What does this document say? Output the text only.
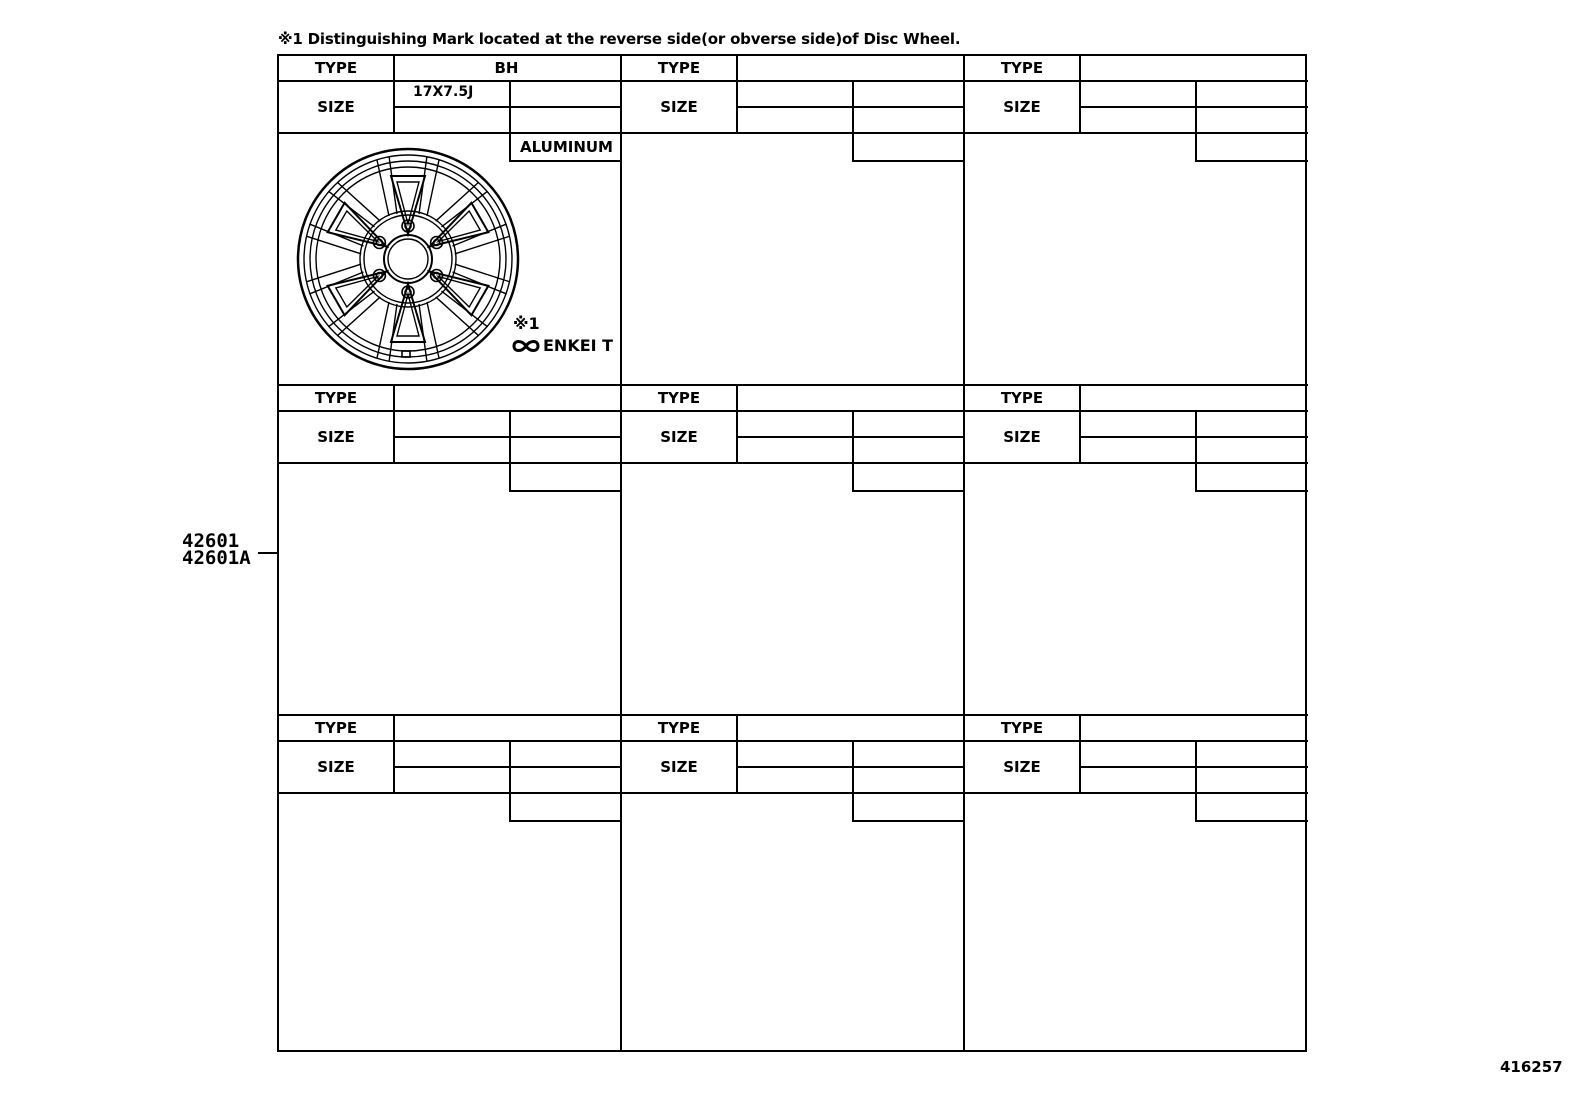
※1 Distinguishing Mark located at the reverse side(or obverse side)of Disc Wheel.
TYPE	BH
SIZE
17X7.5J
ALUMINUM
※1
ENKEI T
TYPE
SIZE
TYPE
SIZE
TYPE
SIZE
TYPE
SIZE
TYPE
SIZE
TYPE
SIZE
TYPE
SIZE
TYPE
SIZE
42601
42601A
416257
